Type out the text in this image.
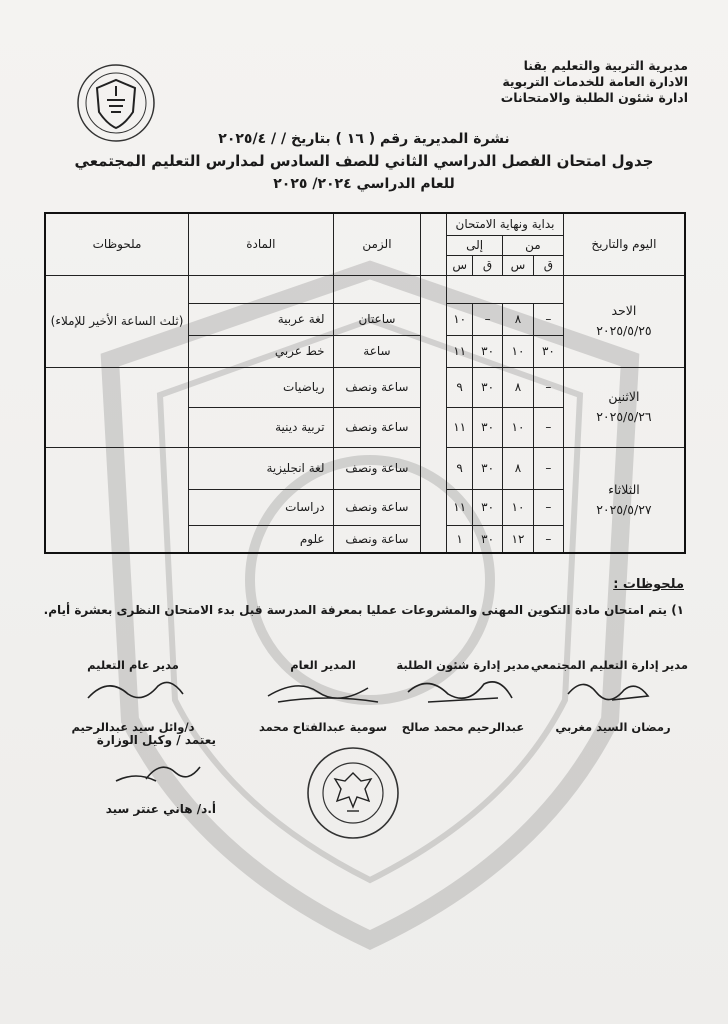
مديرية التربية والتعليم بقنا
الادارة العامة للخدمات التربوية
ادارة شئون الطلبة والامتحانات
نشرة المديرية رقم ( ١٦ ) بتاريخ / / ٢٠٢٥/٤
جدول امتحان الفصل الدراسي الثاني للصف السادس لمدارس التعليم المجتمعي
للعام الدراسي ٢٠٢٤/ ٢٠٢٥
اليوم والتاريخ	بداية ونهاية الامتحان					الزمن	المادة	ملحوظات
	من		إلى					
	ق	س	ق	س				

الاحد
٢٠٢٥/٥/٢٥								(ثلث الساعة الأخير للإملاء)
	–	٨	–	١٠		ساعتان	لغة عربية	
	٣٠	١٠	٣٠	١١		ساعة	خط عربي	

الاثنين
٢٠٢٥/٥/٢٦	–	٨	٣٠	٩		ساعة ونصف	رياضيات	
	–	١٠	٣٠	١١		ساعة ونصف	تربية دينية	

الثلاثاء
٢٠٢٥/٥/٢٧	–	٨	٣٠	٩		ساعة ونصف	لغة انجليزية	
	–	١٠	٣٠	١١		ساعة ونصف	دراسات	
	–	١٢	٣٠	١		ساعة ونصف	علوم	
ملحوظات :
١) يتم امتحان مادة التكوين المهنى والمشروعات عمليا بمعرفة المدرسة قبل بدء الامتحان النظرى بعشرة أيام.
مدير إدارة التعليم المجتمعي
رمضان السيد مغربي
مدير إدارة شئون الطلبة
عبدالرحيم محمد صالح
المدير العام
سومية عبدالفتاح محمد
مدير عام التعليم
د/وائل سيد عبدالرحيم
يعتمد / وكيل الوزارة
أ.د/ هاني عنتر سيد
